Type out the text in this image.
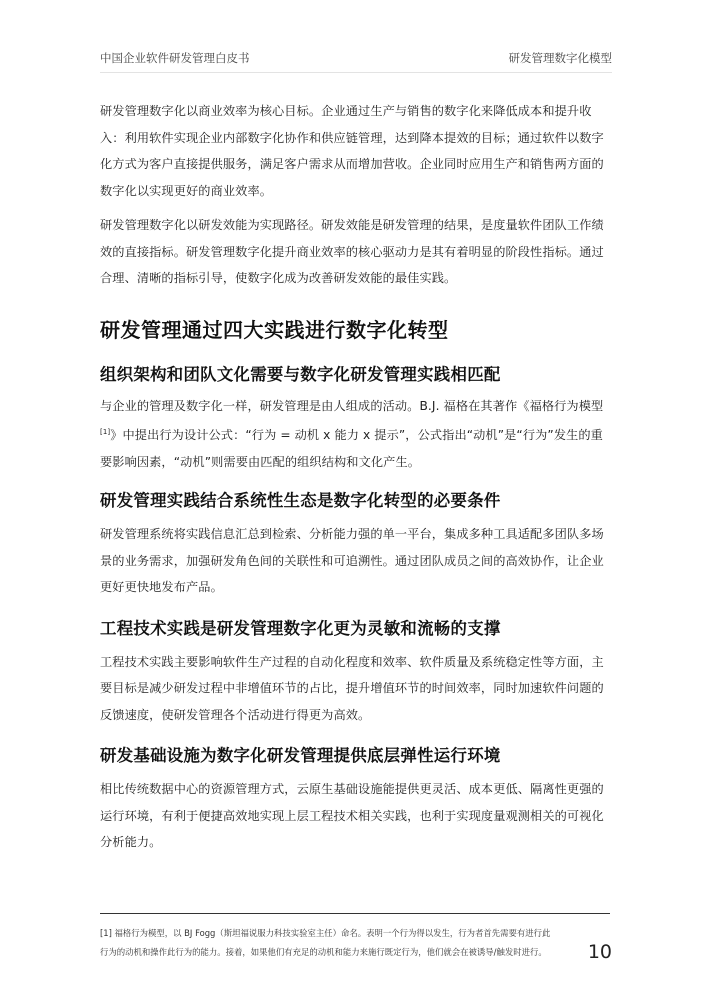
中国企业软件研发管理白皮书	研发管理数字化模型

研发管理数字化以商业效率为核心目标。企业通过生产与销售的数字化来降低成本和提升收入：利用软件实现企业内部数字化协作和供应链管理，达到降本提效的目标；通过软件以数字化方式为客户直接提供服务，满足客户需求从而增加营收。企业同时应用生产和销售两方面的数字化以实现更好的商业效率。

研发管理数字化以研发效能为实现路径。研发效能是研发管理的结果，是度量软件团队工作绩效的直接指标。研发管理数字化提升商业效率的核心驱动力是其有着明显的阶段性指标。通过合理、清晰的指标引导，使数字化成为改善研发效能的最佳实践。

研发管理通过四大实践进行数字化转型
组织架构和团队文化需要与数字化研发管理实践相匹配

与企业的管理及数字化一样，研发管理是由人组成的活动。B.J. 福格在其著作《福格行为模型[1]》中提出行为设计公式：“行为 = 动机 x 能力 x 提示”，公式指出“动机”是“行为”发生的重要影响因素，“动机”则需要由匹配的组织结构和文化产生。

研发管理实践结合系统性生态是数字化转型的必要条件

研发管理系统将实践信息汇总到检索、分析能力强的单一平台，集成多种工具适配多团队多场景的业务需求，加强研发角色间的关联性和可追溯性。通过团队成员之间的高效协作，让企业更好更快地发布产品。

工程技术实践是研发管理数字化更为灵敏和流畅的支撑

工程技术实践主要影响软件生产过程的自动化程度和效率、软件质量及系统稳定性等方面，主要目标是减少研发过程中非增值环节的占比，提升增值环节的时间效率，同时加速软件问题的反馈速度，使研发管理各个活动进行得更为高效。

研发基础设施为数字化研发管理提供底层弹性运行环境

相比传统数据中心的资源管理方式，云原生基础设施能提供更灵活、成本更低、隔离性更强的运行环境，有利于便捷高效地实现上层工程技术相关实践，也利于实现度量观测相关的可视化分析能力。

[1] 福格行为模型，以 BJ Fogg（斯坦福说服力科技实验室主任）命名。表明一个行为得以发生，行为者首先需要有进行此
行为的动机和操作此行为的能力。接着，如果他们有充足的动机和能力来施行既定行为，他们就会在被诱导/触发时进行。	10
